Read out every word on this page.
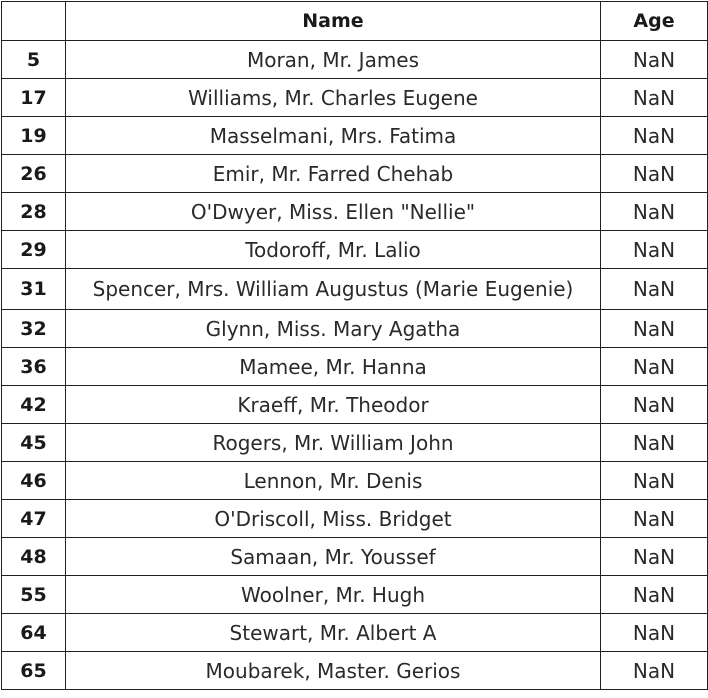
	Name	Age
5	Moran, Mr. James	NaN
17	Williams, Mr. Charles Eugene	NaN
19	Masselmani, Mrs. Fatima	NaN
26	Emir, Mr. Farred Chehab	NaN
28	O'Dwyer, Miss. Ellen "Nellie"	NaN
29	Todoroff, Mr. Lalio	NaN
31	Spencer, Mrs. William Augustus (Marie Eugenie)	NaN
32	Glynn, Miss. Mary Agatha	NaN
36	Mamee, Mr. Hanna	NaN
42	Kraeff, Mr. Theodor	NaN
45	Rogers, Mr. William John	NaN
46	Lennon, Mr. Denis	NaN
47	O'Driscoll, Miss. Bridget	NaN
48	Samaan, Mr. Youssef	NaN
55	Woolner, Mr. Hugh	NaN
64	Stewart, Mr. Albert A	NaN
65	Moubarek, Master. Gerios	NaN
